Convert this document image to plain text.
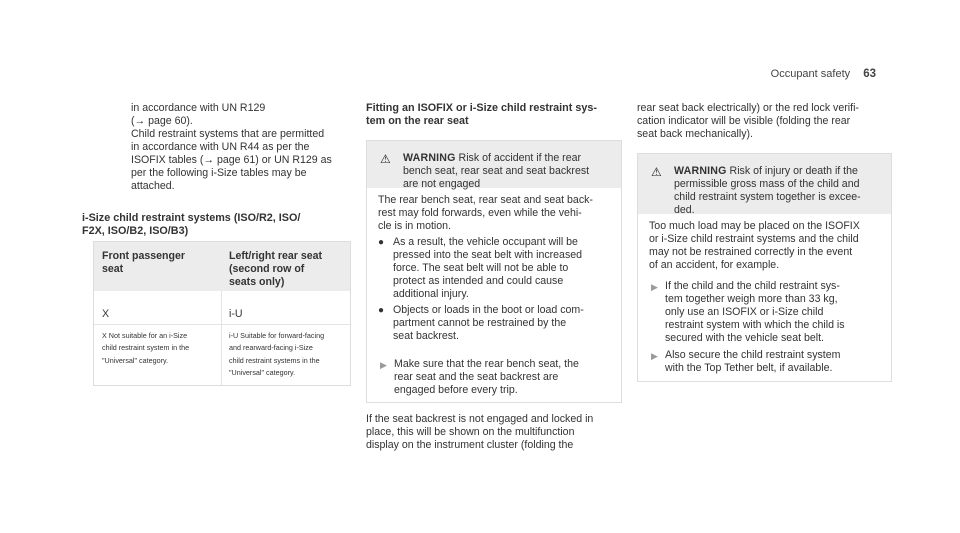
Occupant safety 63

in accordance with UN R129

(→ page 60).

Child restraint systems that are permitted

in accordance with UN R44 as per the

ISOFIX tables (→ page 61) or UN R129 as

per the following i-Size tables may be

attached.

i-Size child restraint systems (ISO/R2, ISO/
F2X, ISO/B2, ISO/B3)
Front passenger
seat
Left/right rear seat
(second row of
seats only)
X	i-U
X Not suitable for an i-Size
child restraint system in the
"Universal" category.
i-U Suitable for forward-facing
and rearward-facing i-Size
child restraint systems in the
"Universal" category.
Fitting an ISOFIX or i-Size child restraint sys-
tem on the rear seat
⚠ WARNING Risk of accident if the rear
bench seat, rear seat and seat backrest
are not engaged
The rear bench seat, rear seat and seat back-
rest may fold forwards, even while the vehi-
cle is in motion.
● As a result, the vehicle occupant will be
pressed into the seat belt with increased
force. The seat belt will not be able to
protect as intended and could cause
additional injury.
● Objects or loads in the boot or load com-
partment cannot be restrained by the
seat backrest.
▶ Make sure that the rear bench seat, the
rear seat and the seat backrest are
engaged before every trip.

If the seat backrest is not engaged and locked in

place, this will be shown on the multifunction

display on the instrument cluster (folding the

rear seat back electrically) or the red lock verifi-

cation indicator will be visible (folding the rear

seat back mechanically).

⚠ WARNING Risk of injury or death if the
permissible gross mass of the child and
child restraint system together is excee-
ded.
Too much load may be placed on the ISOFIX
or i-Size child restraint systems and the child
may not be restrained correctly in the event
of an accident, for example.
▶ If the child and the child restraint sys-
tem together weigh more than 33 kg,
only use an ISOFIX or i-Size child
restraint system with which the child is
secured with the vehicle seat belt.
▶ Also secure the child restraint system
with the Top Tether belt, if available.
